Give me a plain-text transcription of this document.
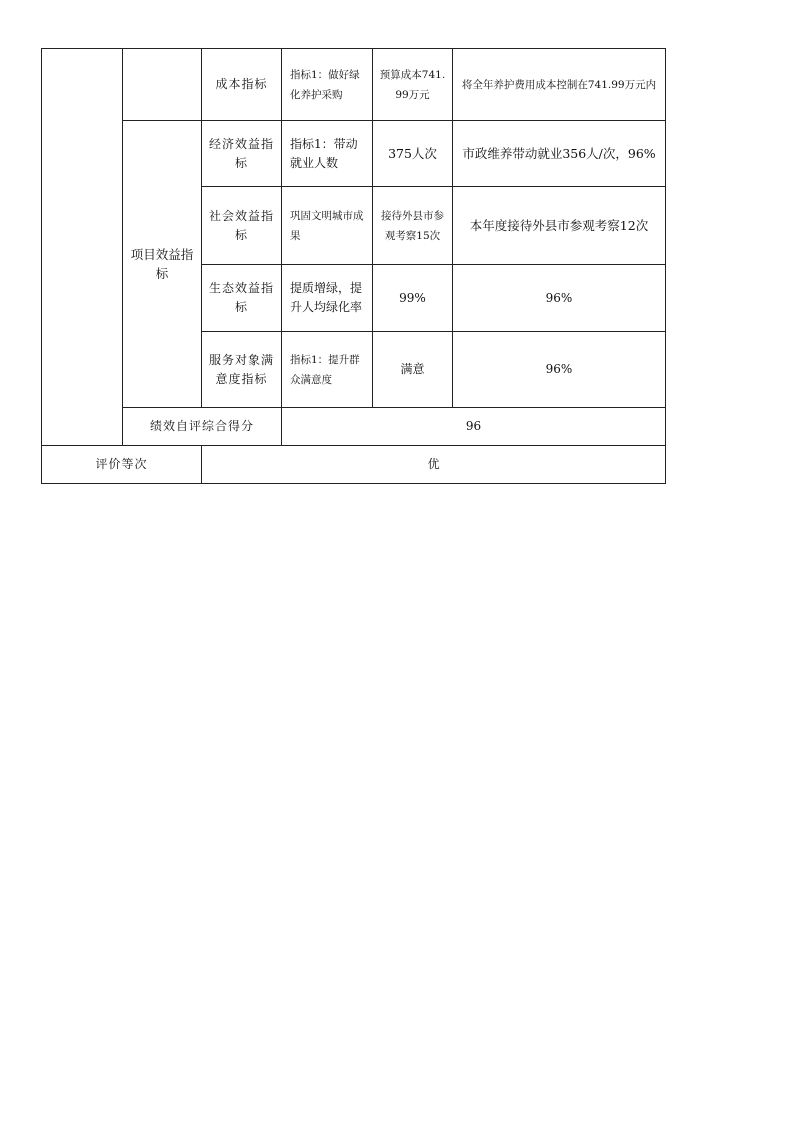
		成本指标	指标1：做好绿化养护采购	预算成本741.99万元	将全年养护费用成本控制在741.99万元内
	项目效益指标	经济效益指标	指标1：带动就业人数	375人次	市政维养带动就业356人/次，96%
		社会效益指标	巩固文明城市成果	接待外县市参观考察15次	本年度接待外县市参观考察12次
		生态效益指标	提质增绿，提升人均绿化率	99%	96%
		服务对象满意度指标	指标1：提升群众满意度	满意	96%
	绩效自评综合得分		96		
评价等次		优			
